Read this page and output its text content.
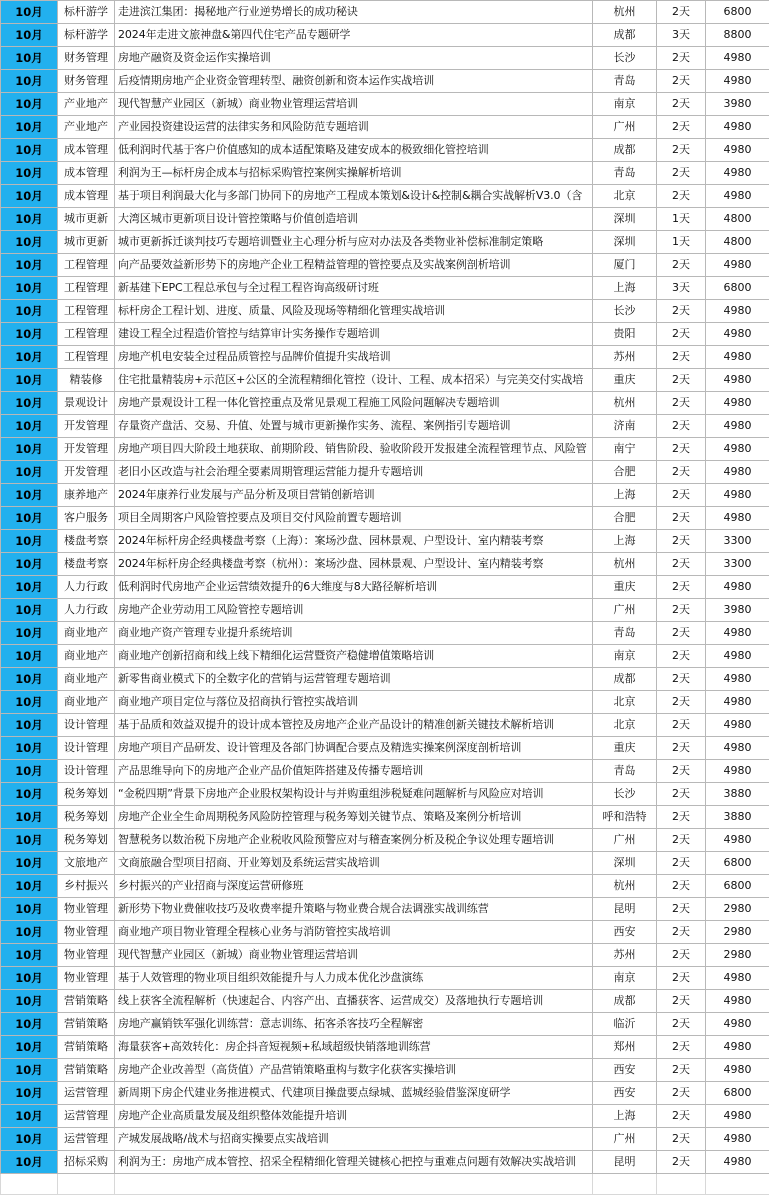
10月	标杆游学	走进滨江集团：揭秘地产行业逆势增长的成功秘诀	杭州	2天	6800
10月	标杆游学	2024年走进文旅神盘&第四代住宅产品专题研学	成都	3天	8800
10月	财务管理	房地产融资及资金运作实操培训	长沙	2天	4980
10月	财务管理	后疫情期房地产企业资金管理转型、融资创新和资本运作实战培训	青岛	2天	4980
10月	产业地产	现代智慧产业园区（新城）商业物业管理运营培训	南京	2天	3980
10月	产业地产	产业园投资建设运营的法律实务和风险防范专题培训	广州	2天	4980
10月	成本管理	低利润时代基于客户价值感知的成本适配策略及建安成本的极致细化管控培训	成都	2天	4980
10月	成本管理	利润为王—标杆房企成本与招标采购管控案例实操解析培训	青岛	2天	4980
10月	成本管理	基于项目利润最大化与多部门协同下的房地产工程成本策划&设计&控制&耦合实战解析V3.0（含	北京	2天	4980
10月	城市更新	大湾区城市更新项目设计管控策略与价值创造培训	深圳	1天	4800
10月	城市更新	城市更新拆迁谈判技巧专题培训暨业主心理分析与应对办法及各类物业补偿标准制定策略	深圳	1天	4800
10月	工程管理	向产品要效益新形势下的房地产企业工程精益管理的管控要点及实战案例剖析培训	厦门	2天	4980
10月	工程管理	新基建下EPC工程总承包与全过程工程咨询高级研讨班	上海	3天	6800
10月	工程管理	标杆房企工程计划、进度、质量、风险及现场等精细化管理实战培训	长沙	2天	4980
10月	工程管理	建设工程全过程造价管控与结算审计实务操作专题培训	贵阳	2天	4980
10月	工程管理	房地产机电安装全过程品质管控与品牌价值提升实战培训	苏州	2天	4980
10月	精装修	住宅批量精装房+示范区+公区的全流程精细化管控（设计、工程、成本招采）与完美交付实战培	重庆	2天	4980
10月	景观设计	房地产景观设计工程一体化管控重点及常见景观工程施工风险问题解决专题培训	杭州	2天	4980
10月	开发管理	存量资产盘活、交易、升值、处置与城市更新操作实务、流程、案例指引专题培训	济南	2天	4980
10月	开发管理	房地产项目四大阶段土地获取、前期阶段、销售阶段、验收阶段开发报建全流程管理节点、风险管	南宁	2天	4980
10月	开发管理	老旧小区改造与社会治理全要素周期管理运营能力提升专题培训	合肥	2天	4980
10月	康养地产	2024年康养行业发展与产品分析及项目营销创新培训	上海	2天	4980
10月	客户服务	项目全周期客户风险管控要点及项目交付风险前置专题培训	合肥	2天	4980
10月	楼盘考察	2024年标杆房企经典楼盘考察（上海）：案场沙盘、园林景观、户型设计、室内精装考察	上海	2天	3300
10月	楼盘考察	2024年标杆房企经典楼盘考察（杭州）：案场沙盘、园林景观、户型设计、室内精装考察	杭州	2天	3300
10月	人力行政	低利润时代房地产企业运营绩效提升的6大维度与8大路径解析培训	重庆	2天	4980
10月	人力行政	房地产企业劳动用工风险管控专题培训	广州	2天	3980
10月	商业地产	商业地产资产管理专业提升系统培训	青岛	2天	4980
10月	商业地产	商业地产创新招商和线上线下精细化运营暨资产稳健增值策略培训	南京	2天	4980
10月	商业地产	新零售商业模式下的全数字化的营销与运营管理专题培训	成都	2天	4980
10月	商业地产	商业地产项目定位与落位及招商执行管控实战培训	北京	2天	4980
10月	设计管理	基于品质和效益双提升的设计成本管控及房地产企业产品设计的精准创新关键技术解析培训	北京	2天	4980
10月	设计管理	房地产项目产品研发、设计管理及各部门协调配合要点及精选实操案例深度剖析培训	重庆	2天	4980
10月	设计管理	产品思维导向下的房地产企业产品价值矩阵搭建及传播专题培训	青岛	2天	4980
10月	税务筹划	“金税四期”背景下房地产企业股权架构设计与并购重组涉税疑难问题解析与风险应对培训	长沙	2天	3880
10月	税务筹划	房地产企业全生命周期税务风险防控管理与税务筹划关键节点、策略及案例分析培训	呼和浩特	2天	3880
10月	税务筹划	智慧税务以数治税下房地产企业税收风险预警应对与稽查案例分析及税企争议处理专题培训	广州	2天	4980
10月	文旅地产	文商旅融合型项目招商、开业筹划及系统运营实战培训	深圳	2天	6800
10月	乡村振兴	乡村振兴的产业招商与深度运营研修班	杭州	2天	6800
10月	物业管理	新形势下物业费催收技巧及收费率提升策略与物业费合规合法调涨实战训练营	昆明	2天	2980
10月	物业管理	商业地产项目物业管理全程核心业务与消防管控实战培训	西安	2天	2980
10月	物业管理	现代智慧产业园区（新城）商业物业管理运营培训	苏州	2天	2980
10月	物业管理	基于人效管理的物业项目组织效能提升与人力成本优化沙盘演练	南京	2天	4980
10月	营销策略	线上获客全流程解析（快速起合、内容产出、直播获客、运营成交）及落地执行专题培训	成都	2天	4980
10月	营销策略	房地产赢销铁军强化训练营：意志训练、拓客杀客技巧全程解密	临沂	2天	4980
10月	营销策略	海量获客+高效转化：房企抖音短视频+私域超级快销落地训练营	郑州	2天	4980
10月	营销策略	房地产企业改善型（高货值）产品营销策略重构与数字化获客实操培训	西安	2天	4980
10月	运营管理	新周期下房企代建业务推进模式、代建项目操盘要点绿城、蓝城经验借鉴深度研学	西安	2天	6800
10月	运营管理	房地产企业高质量发展及组织整体效能提升培训	上海	2天	4980
10月	运营管理	产城发展战略/战术与招商实操要点实战培训	广州	2天	4980
10月	招标采购	利润为王：房地产成本管控、招采全程精细化管理关键核心把控与重难点问题有效解决实战培训	昆明	2天	4980
